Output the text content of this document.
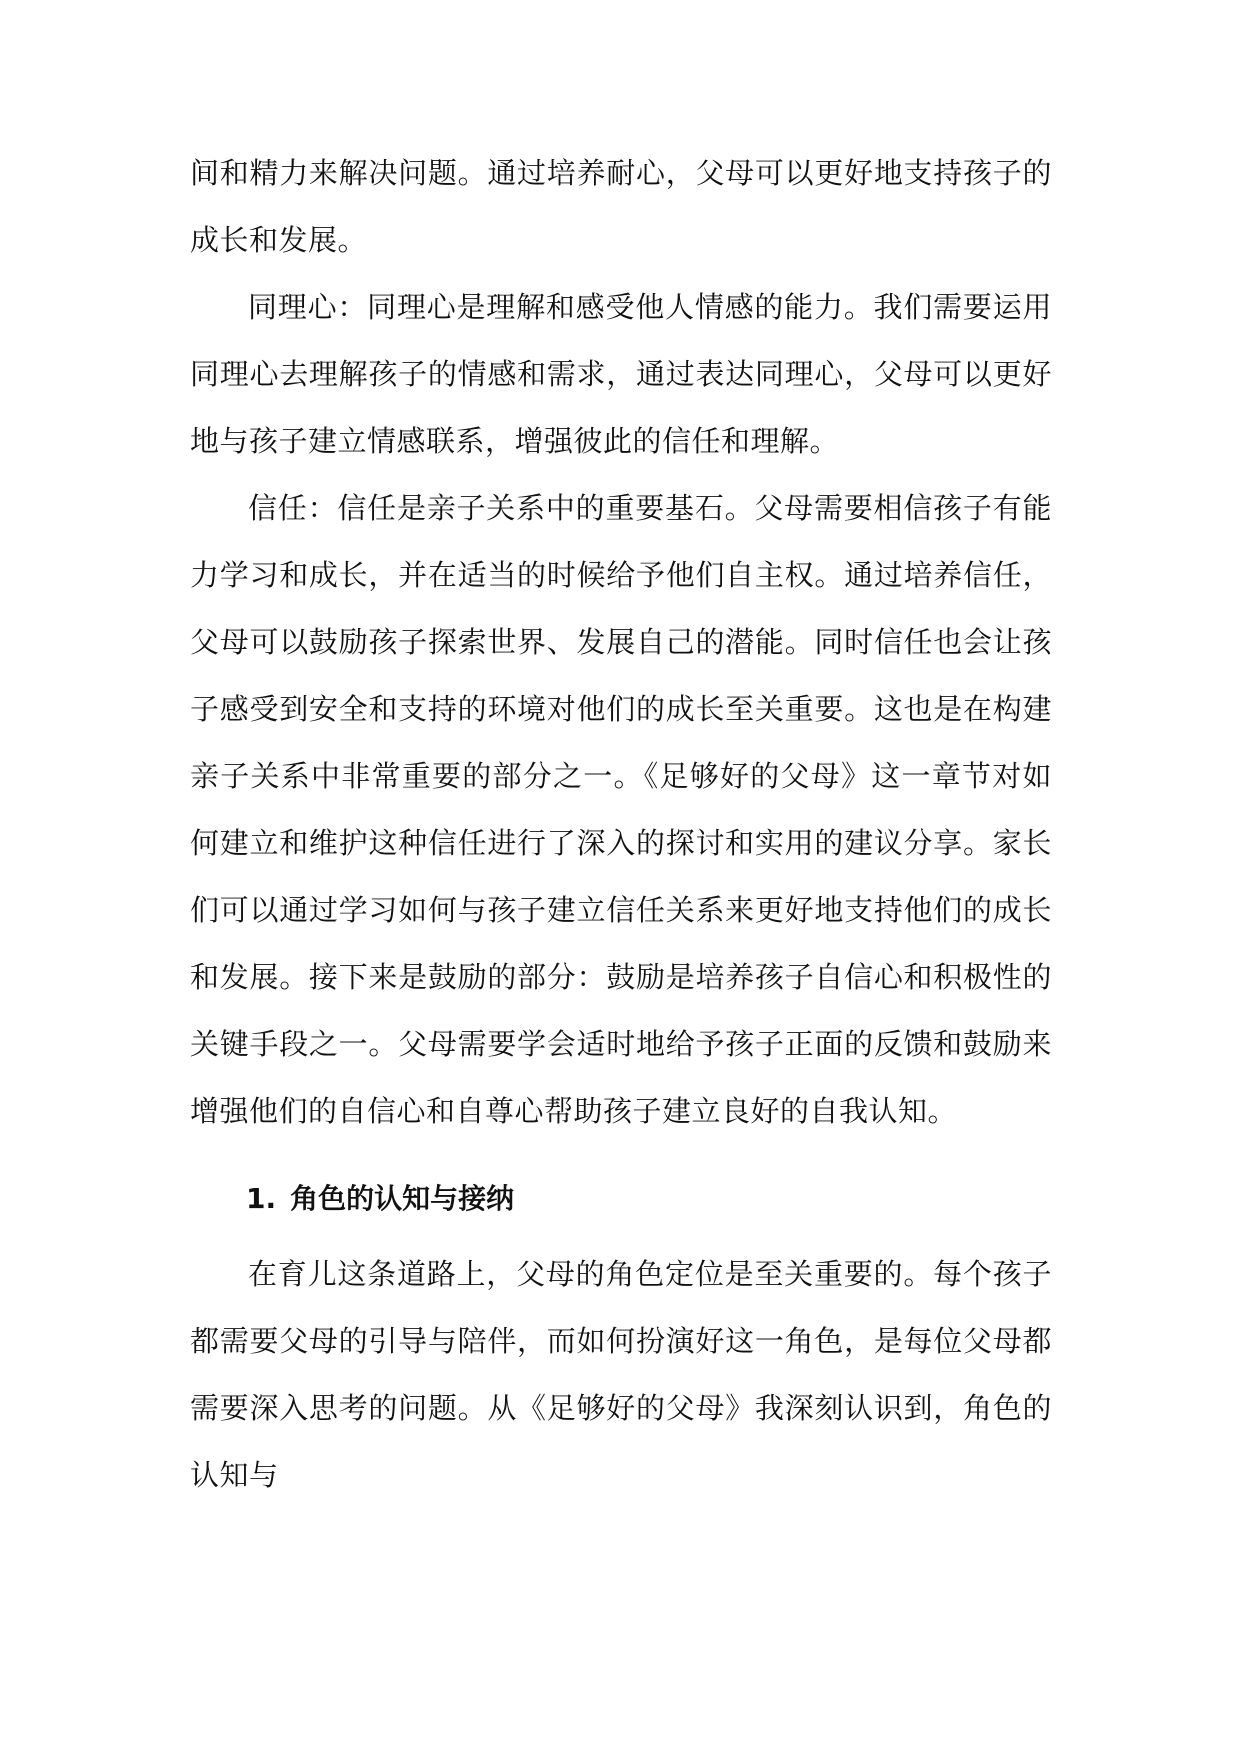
间和精力来解决问题。通过培养耐心，父母可以更好地支持孩子的成长和发展。

同理心：同理心是理解和感受他人情感的能力。我们需要运用同理心去理解孩子的情感和需求，通过表达同理心，父母可以更好地与孩子建立情感联系，增强彼此的信任和理解。

信任：信任是亲子关系中的重要基石。父母需要相信孩子有能力学习和成长，并在适当的时候给予他们自主权。通过培养信任，父母可以鼓励孩子探索世界、发展自己的潜能。同时信任也会让孩子感受到安全和支持的环境对他们的成长至关重要。这也是在构建亲子关系中非常重要的部分之一。《足够好的父母》这一章节对如何建立和维护这种信任进行了深入的探讨和实用的建议分享。家长们可以通过学习如何与孩子建立信任关系来更好地支持他们的成长和发展。接下来是鼓励的部分：鼓励是培养孩子自信心和积极性的关键手段之一。父母需要学会适时地给予孩子正面的反馈和鼓励来增强他们的自信心和自尊心帮助孩子建立良好的自我认知。

1. 角色的认知与接纳

在育儿这条道路上，父母的角色定位是至关重要的。每个孩子都需要父母的引导与陪伴，而如何扮演好这一角色，是每位父母都需要深入思考的问题。从《足够好的父母》我深刻认识到，角色的认知与
